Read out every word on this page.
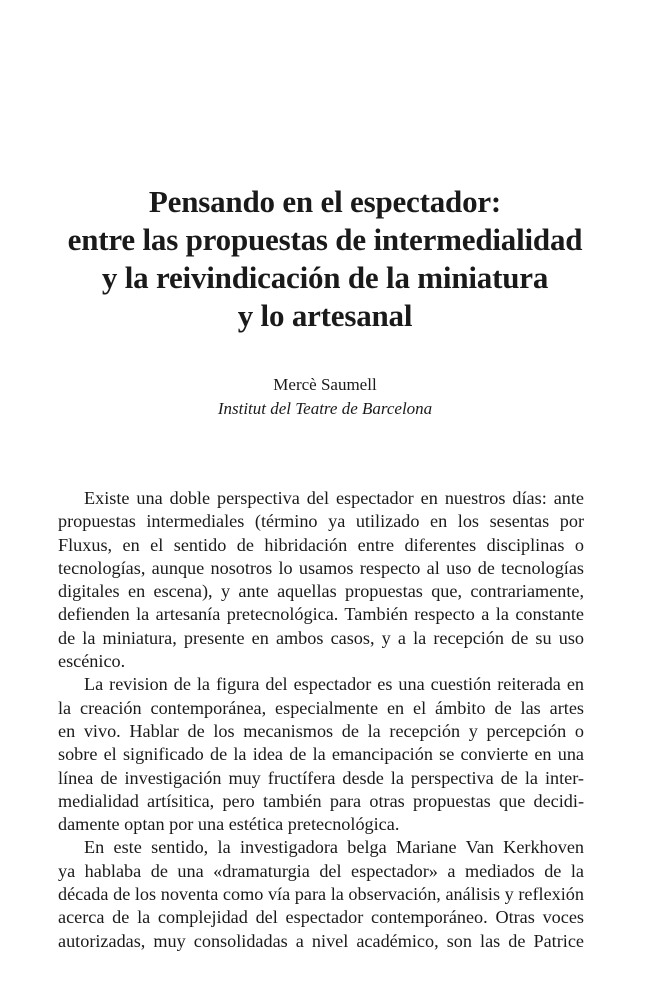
Pensando en el espectador:
entre las propuestas de intermedialidad
y la reivindicación de la miniatura
y lo artesanal
Mercè Saumell
Institut del Teatre de Barcelona
Existe una doble perspectiva del espectador en nuestros días: ante
propuestas intermediales (término ya utilizado en los sesentas por
Fluxus, en el sentido de hibridación entre diferentes disciplinas o
tecnologías, aunque nosotros lo usamos respecto al uso de tecnologías
digitales en escena), y ante aquellas propuestas que, contrariamente,
defienden la artesanía pretecnológica. También respecto a la constante
de la miniatura, presente en ambos casos, y a la recepción de su uso
escénico.
La revision de la figura del espectador es una cuestión reiterada en
la creación contemporánea, especialmente en el ámbito de las artes
en vivo. Hablar de los mecanismos de la recepción y percepción o
sobre el significado de la idea de la emancipación se convierte en una
línea de investigación muy fructífera desde la perspectiva de la inter-
medialidad artísitica, pero también para otras propuestas que decidi-
damente optan por una estética pretecnológica.
En este sentido, la investigadora belga Mariane Van Kerkhoven
ya hablaba de una «dramaturgia del espectador» a mediados de la
década de los noventa como vía para la observación, análisis y reflexión
acerca de la complejidad del espectador contemporáneo. Otras voces
autorizadas, muy consolidadas a nivel académico, son las de Patrice
